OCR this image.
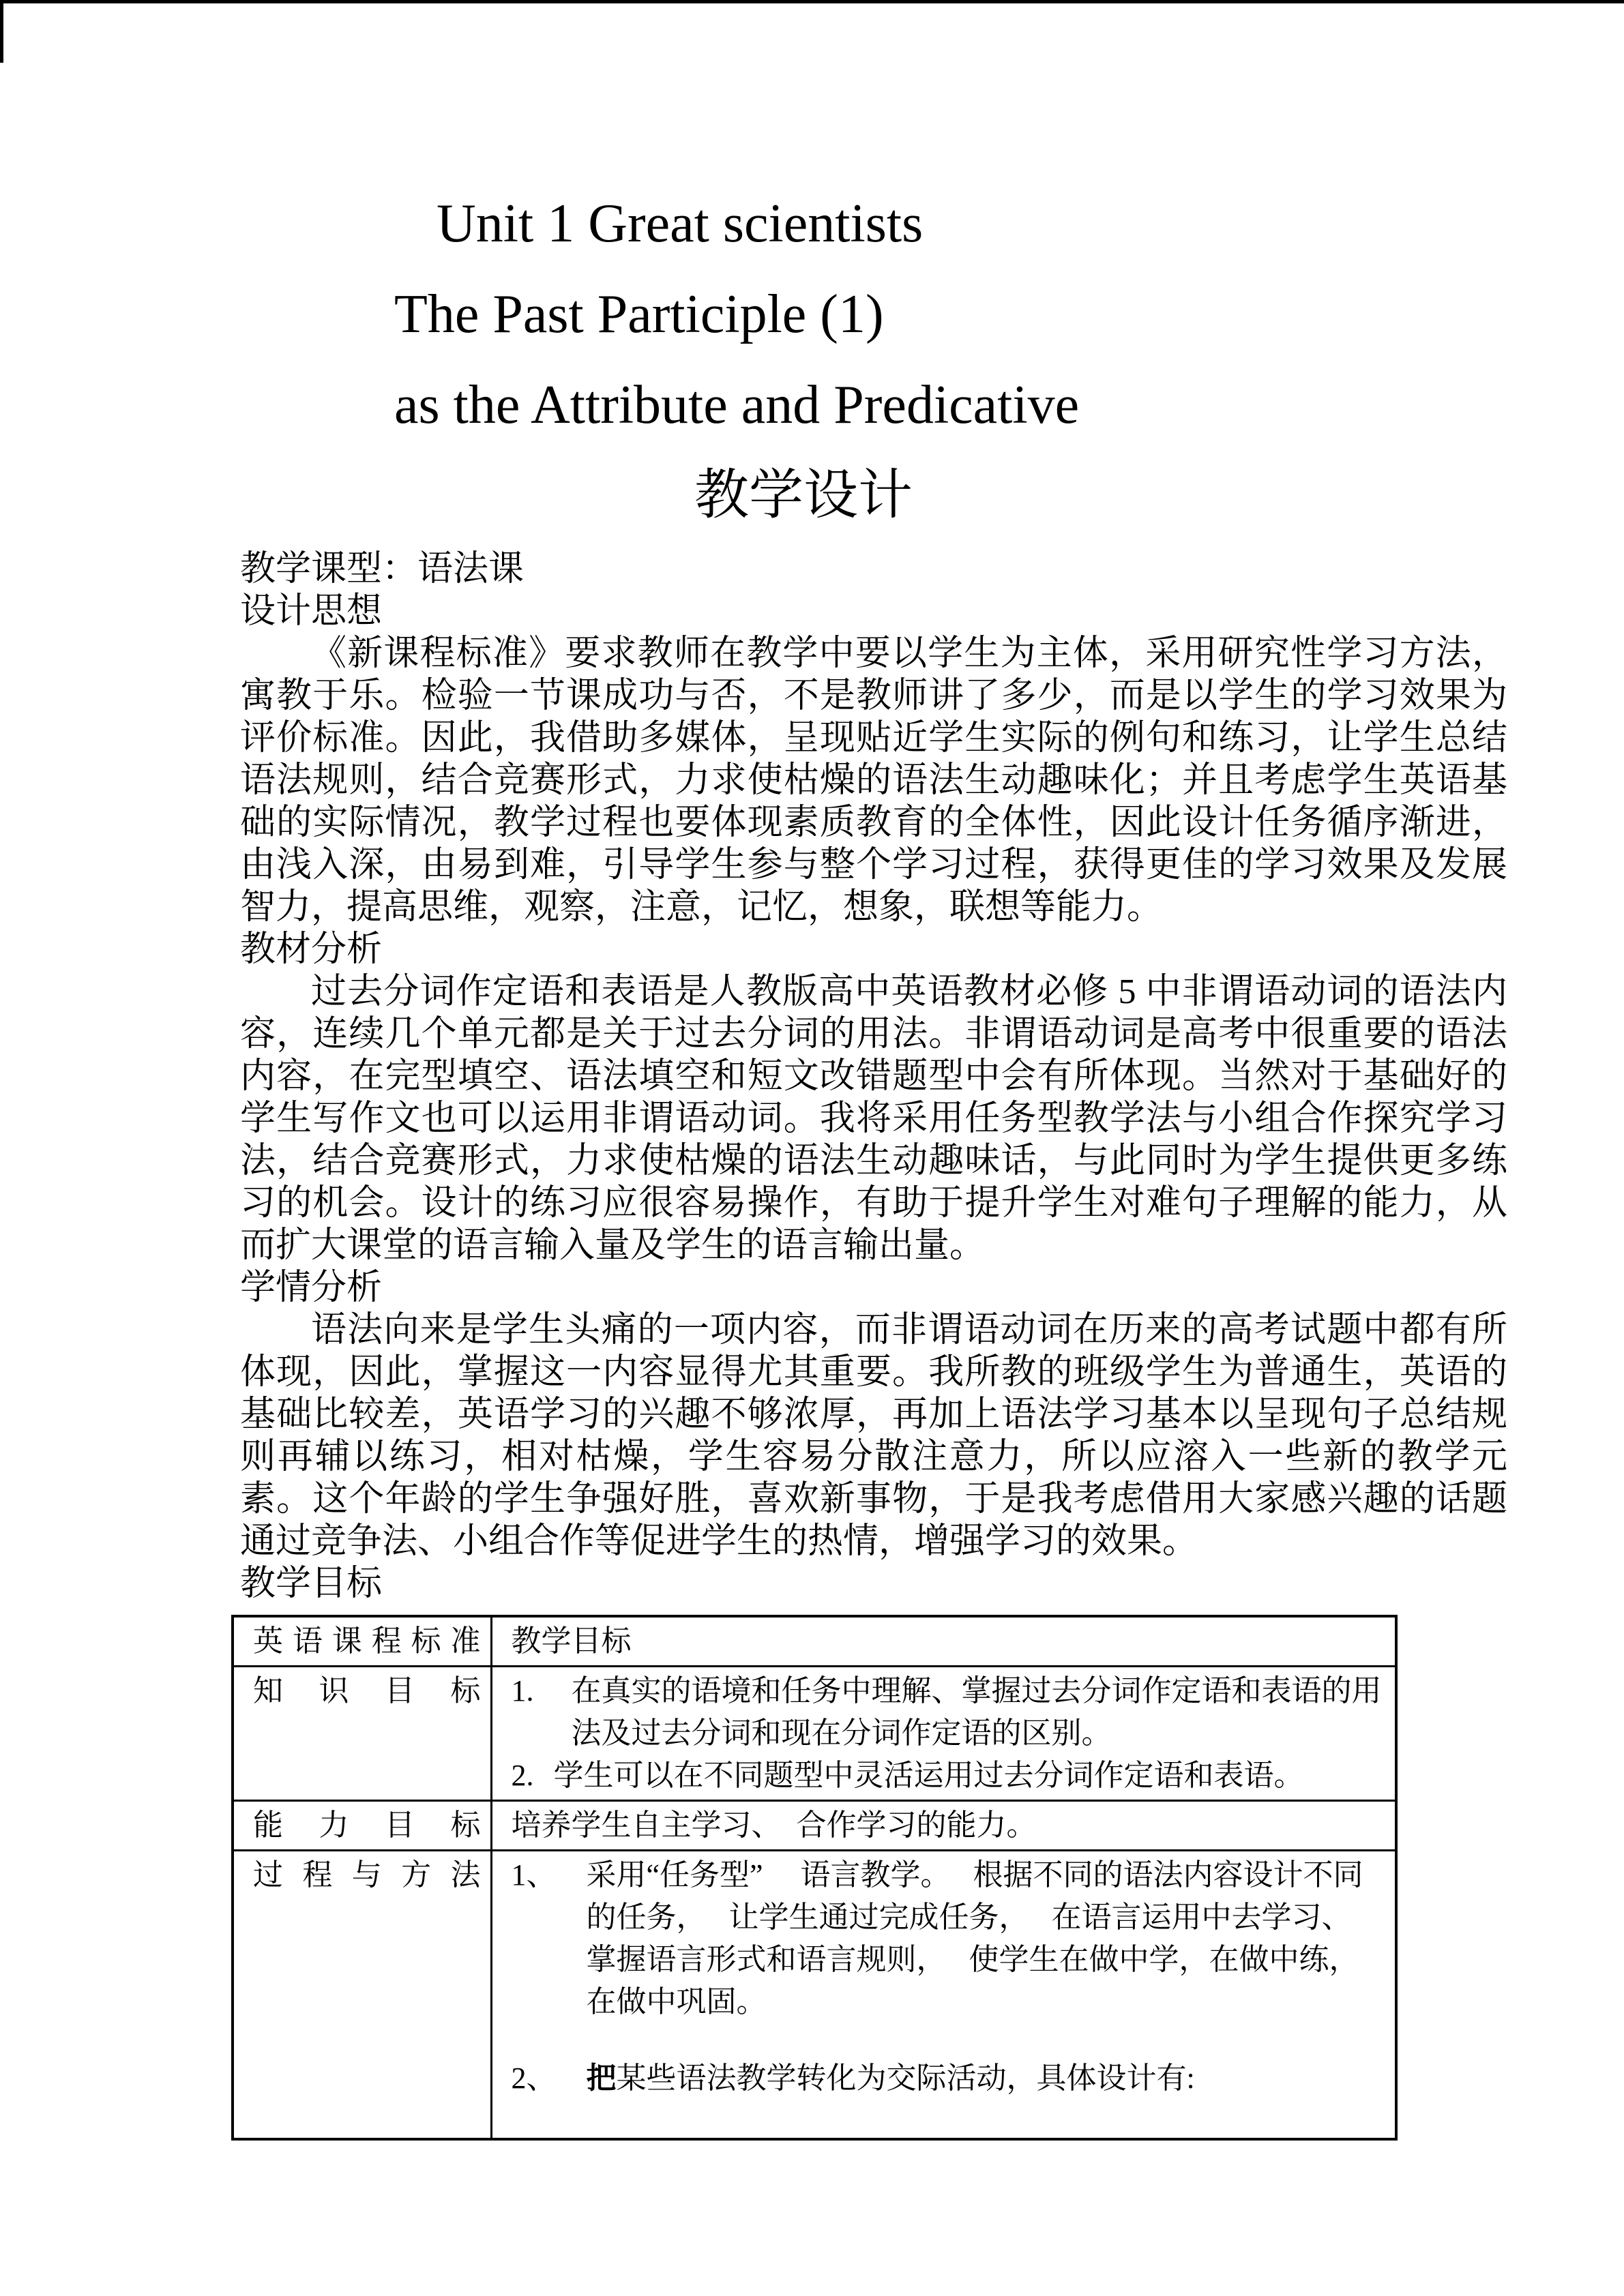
Unit 1 Great scientists
The Past Participle (1)
as the Attribute and Predicative
教学设计
教学课型：语法课
设计思想
《新课程标准》要求教师在教学中要以学生为主体，采用研究性学习方法，寓教于乐。检验一节课成功与否，不是教师讲了多少，而是以学生的学习效果为评价标准。因此，我借助多媒体，呈现贴近学生实际的例句和练习，让学生总结语法规则，结合竞赛形式，力求使枯燥的语法生动趣味化；并且考虑学生英语基础的实际情况，教学过程也要体现素质教育的全体性，因此设计任务循序渐进，由浅入深，由易到难，引导学生参与整个学习过程，获得更佳的学习效果及发展智力，提高思维，观察，注意，记忆，想象，联想等能力。
教材分析
过去分词作定语和表语是人教版高中英语教材必修 5 中非谓语动词的语法内容，连续几个单元都是关于过去分词的用法。非谓语动词是高考中很重要的语法内容，在完型填空、语法填空和短文改错题型中会有所体现。当然对于基础好的学生写作文也可以运用非谓语动词。我将采用任务型教学法与小组合作探究学习法，结合竞赛形式，力求使枯燥的语法生动趣味话，与此同时为学生提供更多练习的机会。设计的练习应很容易操作，有助于提升学生对难句子理解的能力，从而扩大课堂的语言输入量及学生的语言输出量。
学情分析
语法向来是学生头痛的一项内容，而非谓语动词在历来的高考试题中都有所体现，因此，掌握这一内容显得尤其重要。我所教的班级学生为普通生，英语的基础比较差，英语学习的兴趣不够浓厚，再加上语法学习基本以呈现句子总结规则再辅以练习，相对枯燥，学生容易分散注意力，所以应溶入一些新的教学元素。这个年龄的学生争强好胜，喜欢新事物，于是我考虑借用大家感兴趣的话题通过竞争法、小组合作等促进学生的热情，增强学习的效果。
教学目标
英语课程标准	教学目标
知识目标	1. 在真实的语境和任务中理解、掌握过去分词作定语和表语的用法及过去分词和现在分词作定语的区别。
2. 学生可以在不同题型中灵活运用过去分词作定语和表语。

能力目标	培养学生自主学习、　合作学习的能力。
过程与方法	1、 采用“任务型”　 语言教学。　 根据不同的语法内容设计不同的任务，　 让学生通过完成任务，　 在语言运用中去学习、　 掌握语言形式和语言规则，　 使学生在做中学，在做中练，　 在做中巩固。
2、 把某些语法教学转化为交际活动，具体设计有:
